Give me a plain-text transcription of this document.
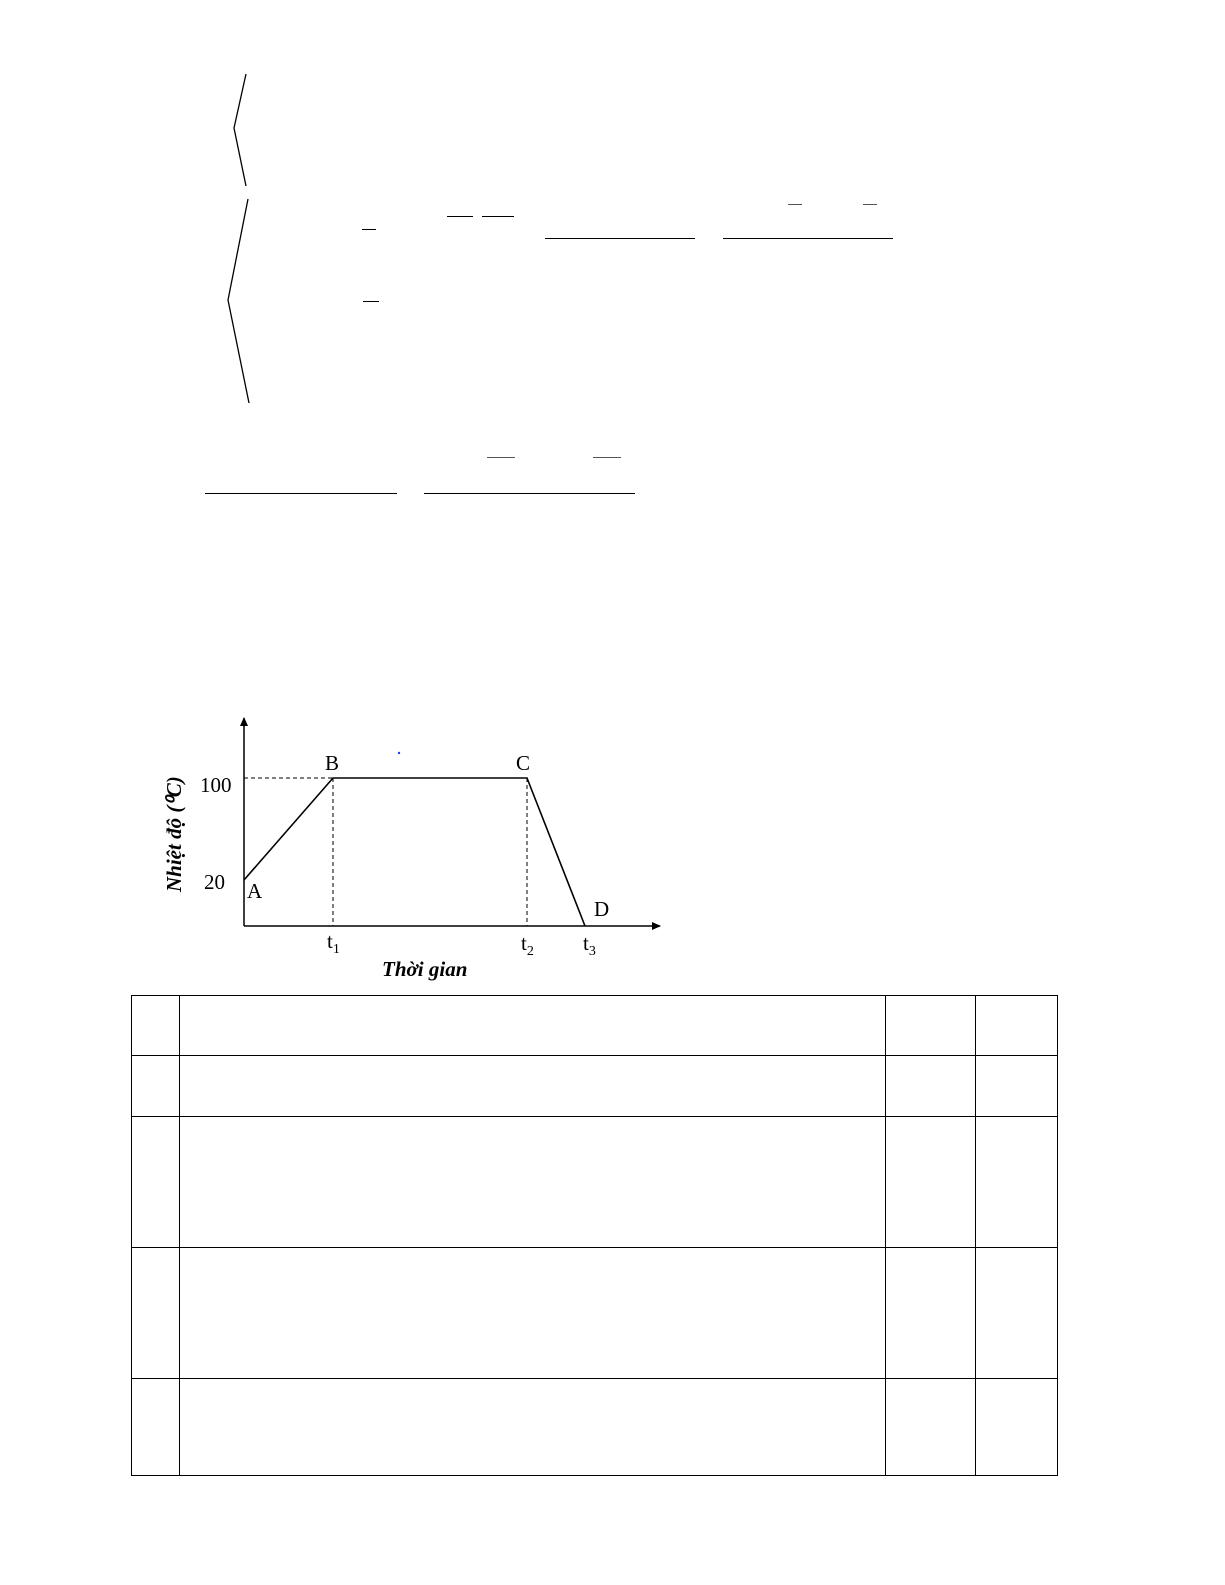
A
B	C
D
100
20
$t_1$	$t_2$ $t_3$
Thời gian
Nhiệt độ (⁰C)
